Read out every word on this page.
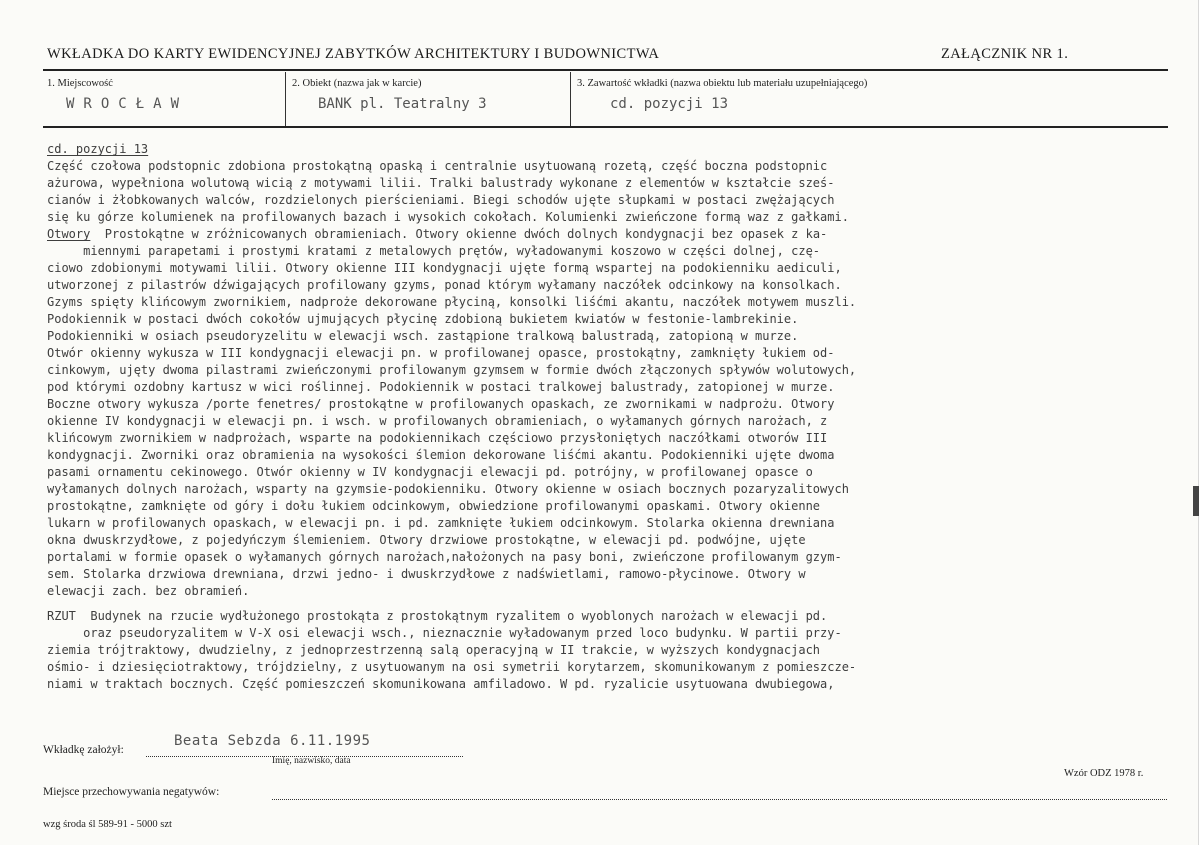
WKŁADKA DO KARTY EWIDENCYJNEJ ZABYTKÓW ARCHITEKTURY I BUDOWNICTWA	ZAŁĄCZNIK NR 1.
1. Miejscowość
WROCŁAW
2. Obiekt (nazwa jak w karcie)
BANK pl. Teatralny 3
3. Zawartość wkładki (nazwa obiektu lub materiału uzupełniającego)
cd. pozycji 13
cd. pozycji 13
Część czołowa podstopnic zdobiona prostokątną opaską i centralnie usytuowaną rozetą, część boczna podstopnic
ażurowa, wypełniona wolutową wicią z motywami lilii. Tralki balustrady wykonane z elementów w kształcie sześ-
cianów i żłobkowanych walców, rozdzielonych pierścieniami. Biegi schodów ujęte słupkami w postaci zwężających
się ku górze kolumienek na profilowanych bazach i wysokich cokołach. Kolumienki zwieńczone formą waz z gałkami.
Otwory  Prostokątne w zróżnicowanych obramieniach. Otwory okienne dwóch dolnych kondygnacji bez opasek z ka-
miennymi parapetami i prostymi kratami z metalowych prętów, wyładowanymi koszowo w części dolnej, czę-
ciowo zdobionymi motywami lilii. Otwory okienne III kondygnacji ujęte formą wspartej na podokienniku aediculi,
utworzonej z pilastrów dźwigających profilowany gzyms, ponad którym wyłamany naczółek odcinkowy na konsolkach.
Gzyms spięty klińcowym zwornikiem, nadproże dekorowane płyciną, konsolki liśćmi akantu, naczółek motywem muszli.
Podokiennik w postaci dwóch cokołów ujmujących płycinę zdobioną bukietem kwiatów w festonie-lambrekinie.
Podokienniki w osiach pseudoryzelitu w elewacji wsch. zastąpione tralkową balustradą, zatopioną w murze.
Otwór okienny wykusza w III kondygnacji elewacji pn. w profilowanej opasce, prostokątny, zamknięty łukiem od-
cinkowym, ujęty dwoma pilastrami zwieńczonymi profilowanym gzymsem w formie dwóch złączonych spływów wolutowych,
pod którymi ozdobny kartusz w wici roślinnej. Podokiennik w postaci tralkowej balustrady, zatopionej w murze.
Boczne otwory wykusza /porte fenetres/ prostokątne w profilowanych opaskach, ze zwornikami w nadprożu. Otwory
okienne IV kondygnacji w elewacji pn. i wsch. w profilowanych obramieniach, o wyłamanych górnych narożach, z
klińcowym zwornikiem w nadprożach, wsparte na podokiennikach częściowo przysłoniętych naczółkami otworów III
kondygnacji. Zworniki oraz obramienia na wysokości ślemion dekorowane liśćmi akantu. Podokienniki ujęte dwoma
pasami ornamentu cekinowego. Otwór okienny w IV kondygnacji elewacji pd. potrójny, w profilowanej opasce o
wyłamanych dolnych narożach, wsparty na gzymsie-podokienniku. Otwory okienne w osiach bocznych pozaryzalitowych
prostokątne, zamknięte od góry i dołu łukiem odcinkowym, obwiedzione profilowanymi opaskami. Otwory okienne
lukarn w profilowanych opaskach, w elewacji pn. i pd. zamknięte łukiem odcinkowym. Stolarka okienna drewniana
okna dwuskrzydłowe, z pojedyńczym ślemieniem. Otwory drzwiowe prostokątne, w elewacji pd. podwójne, ujęte
portalami w formie opasek o wyłamanych górnych narożach,nałożonych na pasy boni, zwieńczone profilowanym gzym-
sem. Stolarka drzwiowa drewniana, drzwi jedno- i dwuskrzydłowe z nadświetlami, ramowo-płycinowe. Otwory w
elewacji zach. bez obramień.
RZUT  Budynek na rzucie wydłużonego prostokąta z prostokątnym ryzalitem o wyoblonych narożach w elewacji pd.
oraz pseudoryzalitem w V-X osi elewacji wsch., nieznacznie wyładowanym przed loco budynku. W partii przy-
ziemia trójtraktowy, dwudzielny, z jednoprzestrzenną salą operacyjną w II trakcie, w wyższych kondygnacjach
ośmio- i dziesięciotraktowy, trójdzielny, z usytuowanym na osi symetrii korytarzem, skomunikowanym z pomieszcze-
niami w traktach bocznych. Część pomieszczeń skomunikowana amfiladowo. W pd. ryzalicie usytuowana dwubiegowa,
Wkładkę założył:
Beata Sebzda 6.11.1995
Imię, nazwisko, data
Wzór ODZ 1978 r.
Miejsce przechowywania negatywów:
wzg środa śl 589-91 - 5000 szt
